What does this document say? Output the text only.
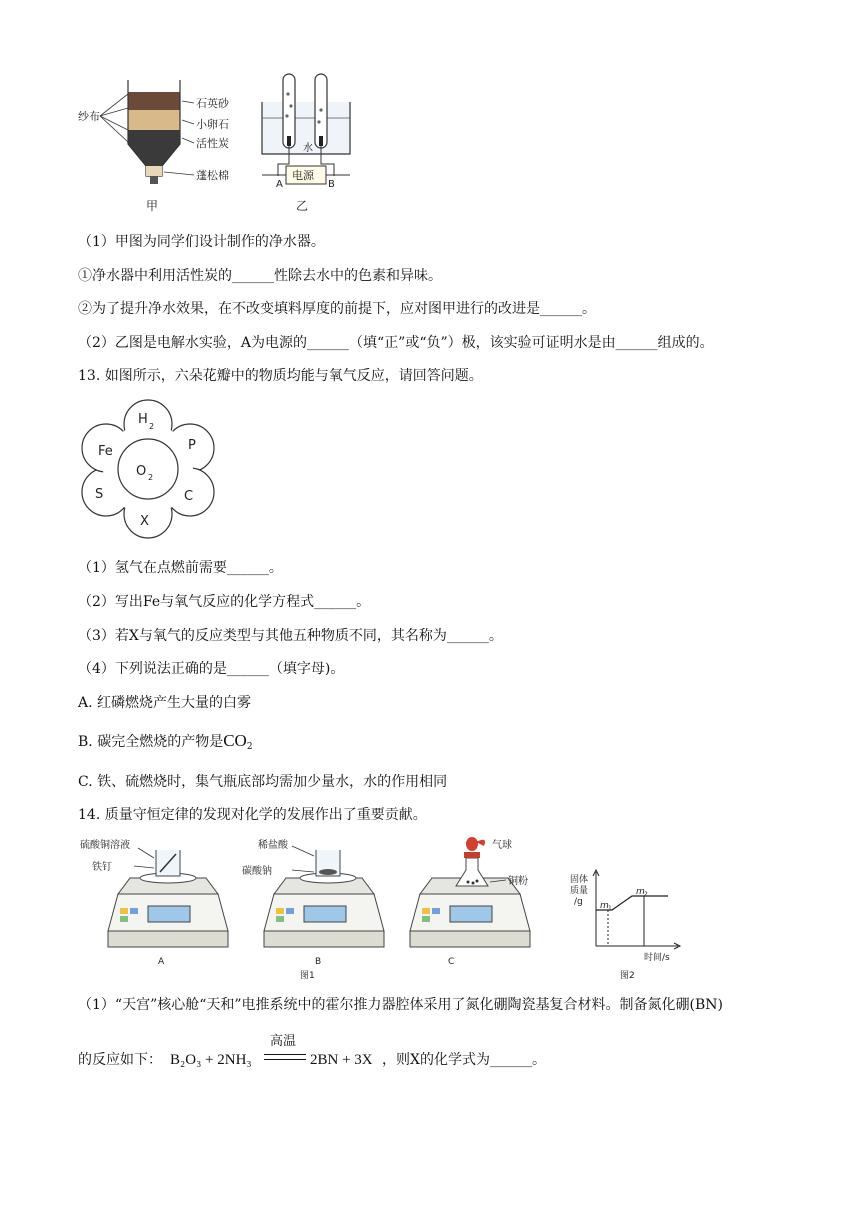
纱布
石英砂
小卵石
活性炭
蓬松棉
甲
水
电源
A	B
乙
（1）甲图为同学们设计制作的净水器。
①净水器中利用活性炭的______性除去水中的色素和异味。
②为了提升净水效果，在不改变填料厚度的前提下，应对图甲进行的改进是______。
（2）乙图是电解水实验，A为电源的______（填“正”或“负”）极，该实验可证明水是由______组成的。
13. 如图所示，六朵花瓣中的物质均能与氧气反应，请回答问题。
O 2
H 2
P
C
X
S
Fe
（1）氢气在点燃前需要______。
（2）写出Fe与氧气反应的化学方程式______。
（3）若X与氧气的反应类型与其他五种物质不同，其名称为______。
（4）下列说法正确的是______（填字母)。
A. 红磷燃烧产生大量的白雾
B. 碳完全燃烧的产物是$CO_2$
C. 铁、硫燃烧时，集气瓶底部均需加少量水，水的作用相同
14. 质量守恒定律的发现对化学的发展作出了重要贡献。
硫酸铜溶液
铁钉
A
稀盐酸
碳酸钠
B
气球
铜粉
C
图1
固体
质量
/g m 1
m 2
时间/s
图2
（1）“天宫”核心舱“天和”电推系统中的霍尔推力器腔体采用了氮化硼陶瓷基复合材料。制备氮化硼(BN)
的反应如下： B₂O₃ + 2NH₃
高温
2BN + 3X ，则X的化学式为______。
